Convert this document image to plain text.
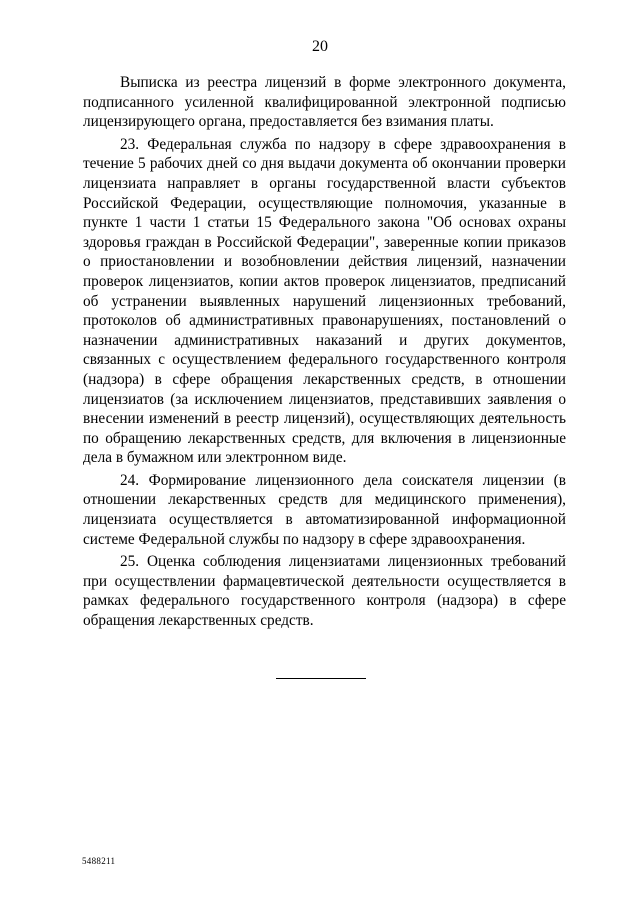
20

Выписка из реестра лицензий в форме электронного документа, подписанного усиленной квалифицированной электронной подписью лицензирующего органа, предоставляется без взимания платы.

23. Федеральная служба по надзору в сфере здравоохранения в течение 5 рабочих дней со дня выдачи документа об окончании проверки лицензиата направляет в органы государственной власти субъектов Российской Федерации, осуществляющие полномочия, указанные в пункте 1 части 1 статьи 15 Федерального закона "Об основах охраны здоровья граждан в Российской Федерации", заверенные копии приказов о приостановлении и возобновлении действия лицензий, назначении проверок лицензиатов, копии актов проверок лицензиатов, предписаний об устранении выявленных нарушений лицензионных требований, протоколов об административных правонарушениях, постановлений о назначении административных наказаний и других документов, связанных с осуществлением федерального государственного контроля (надзора) в сфере обращения лекарственных средств, в отношении лицензиатов (за исключением лицензиатов, представивших заявления о внесении изменений в реестр лицензий), осуществляющих деятельность по обращению лекарственных средств, для включения в лицензионные дела в бумажном или электронном виде.

24. Формирование лицензионного дела соискателя лицензии (в отношении лекарственных средств для медицинского применения), лицензиата осуществляется в автоматизированной информационной системе Федеральной службы по надзору в сфере здравоохранения.

25. Оценка соблюдения лицензиатами лицензионных требований при осуществлении фармацевтической деятельности осуществляется в рамках федерального государственного контроля (надзора) в сфере обращения лекарственных средств.

5488211
